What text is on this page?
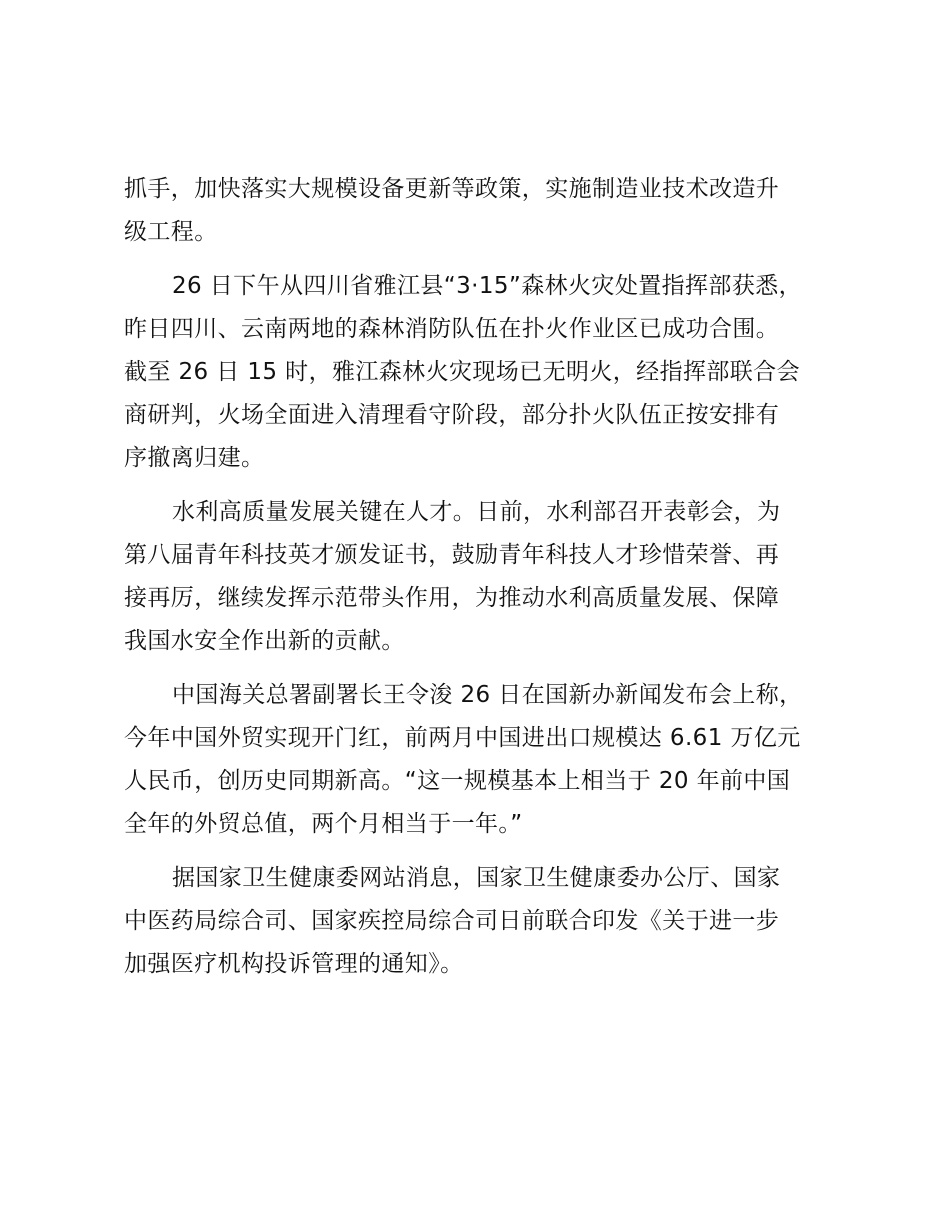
抓手，加快落实大规模设备更新等政策，实施制造业技术改造升
级工程。
26 日下午从四川省雅江县“3·15”森林火灾处置指挥部获悉，
昨日四川、云南两地的森林消防队伍在扑火作业区已成功合围。
截至 26 日 15 时，雅江森林火灾现场已无明火，经指挥部联合会
商研判，火场全面进入清理看守阶段，部分扑火队伍正按安排有
序撤离归建。
水利高质量发展关键在人才。日前，水利部召开表彰会，为
第八届青年科技英才颁发证书，鼓励青年科技人才珍惜荣誉、再
接再厉，继续发挥示范带头作用，为推动水利高质量发展、保障
我国水安全作出新的贡献。
中国海关总署副署长王令浚 26 日在国新办新闻发布会上称，
今年中国外贸实现开门红，前两月中国进出口规模达 6.61 万亿元
人民币，创历史同期新高。“这一规模基本上相当于 20 年前中国
全年的外贸总值，两个月相当于一年。”
据国家卫生健康委网站消息，国家卫生健康委办公厅、国家
中医药局综合司、国家疾控局综合司日前联合印发《关于进一步
加强医疗机构投诉管理的通知》。
